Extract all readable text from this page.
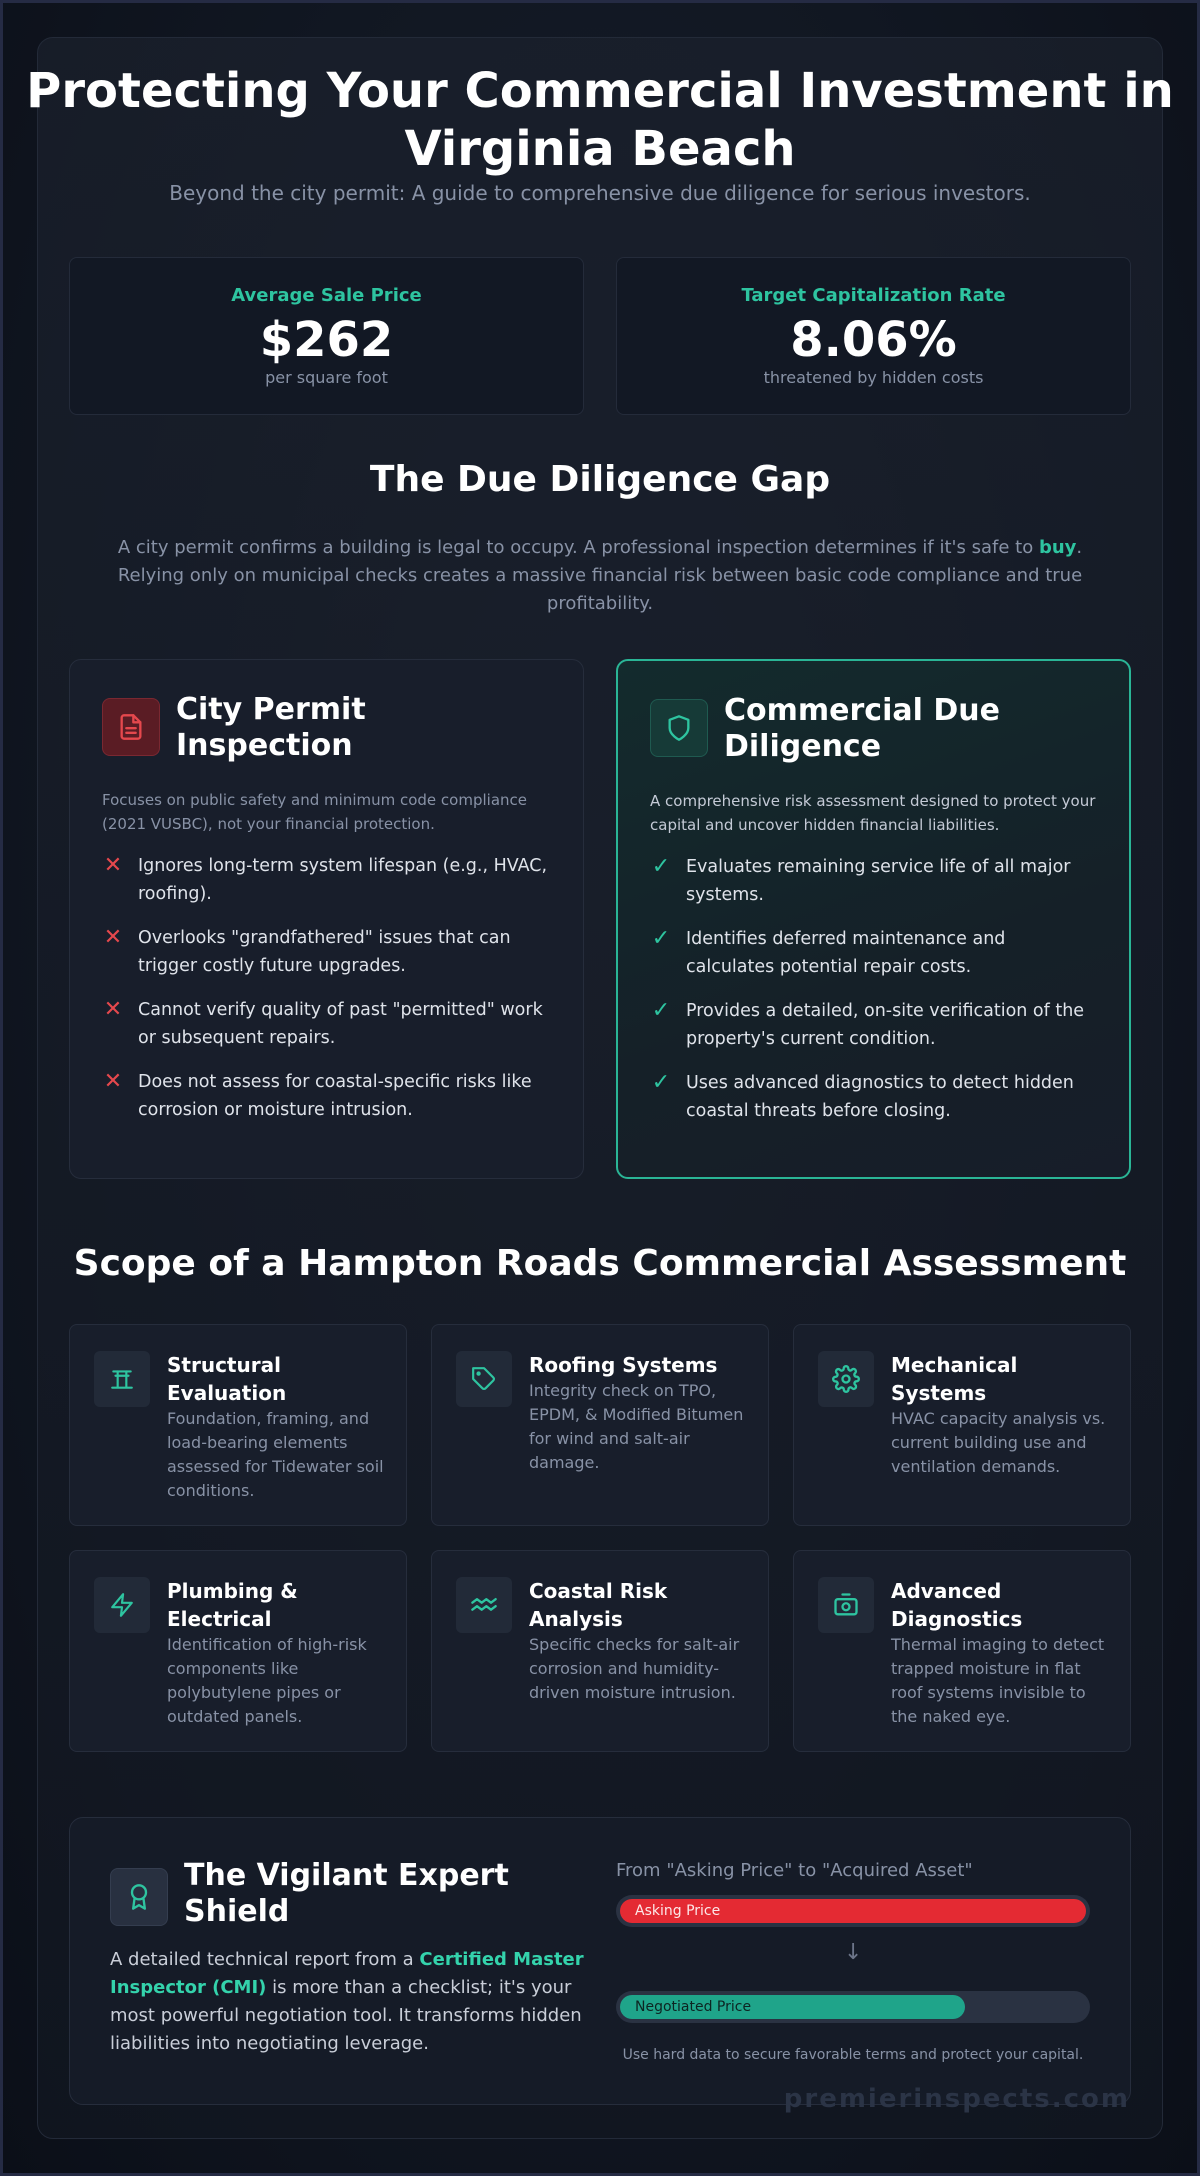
Protecting Your Commercial Investment in Virginia Beach

Beyond the city permit: A guide to comprehensive due diligence for serious investors.

Average Sale Price
$262
per square foot
Target Capitalization Rate
8.06%
threatened by hidden costs
The Due Diligence Gap

A city permit confirms a building is legal to occupy. A professional inspection determines if it's safe to buy. Relying only on municipal checks creates a massive financial risk between basic code compliance and true profitability.

City Permit Inspection

Focuses on public safety and minimum code compliance (2021 VUSBC), not your financial protection.

✕ Ignores long-term system lifespan (e.g., HVAC, roofing).
✕ Overlooks "grandfathered" issues that can trigger costly future upgrades.
✕ Cannot verify quality of past "permitted" work or subsequent repairs.
✕ Does not assess for coastal-specific risks like corrosion or moisture intrusion.
Commercial Due Diligence

A comprehensive risk assessment designed to protect your capital and uncover hidden financial liabilities.

✓ Evaluates remaining service life of all major systems.
✓ Identifies deferred maintenance and calculates potential repair costs.
✓ Provides a detailed, on-site verification of the property's current condition.
✓ Uses advanced diagnostics to detect hidden coastal threats before closing.
Scope of a Hampton Roads Commercial Assessment
Structural Evaluation
Foundation, framing, and load-bearing elements assessed for Tidewater soil conditions.
Roofing Systems
Integrity check on TPO, EPDM, & Modified Bitumen for wind and salt-air damage.
Mechanical Systems
HVAC capacity analysis vs. current building use and ventilation demands.
Plumbing & Electrical
Identification of high-risk components like polybutylene pipes or outdated panels.
Coastal Risk Analysis
Specific checks for salt-air corrosion and humidity-driven moisture intrusion.
Advanced Diagnostics
Thermal imaging to detect trapped moisture in flat roof systems invisible to the naked eye.
The Vigilant Expert Shield

A detailed technical report from a Certified Master Inspector (CMI) is more than a checklist; it's your most powerful negotiation tool. It transforms hidden liabilities into negotiating leverage.

From "Asking Price" to "Acquired Asset"
Asking Price
↓
Negotiated Price
Use hard data to secure favorable terms and protect your capital.
premierinspects.com
